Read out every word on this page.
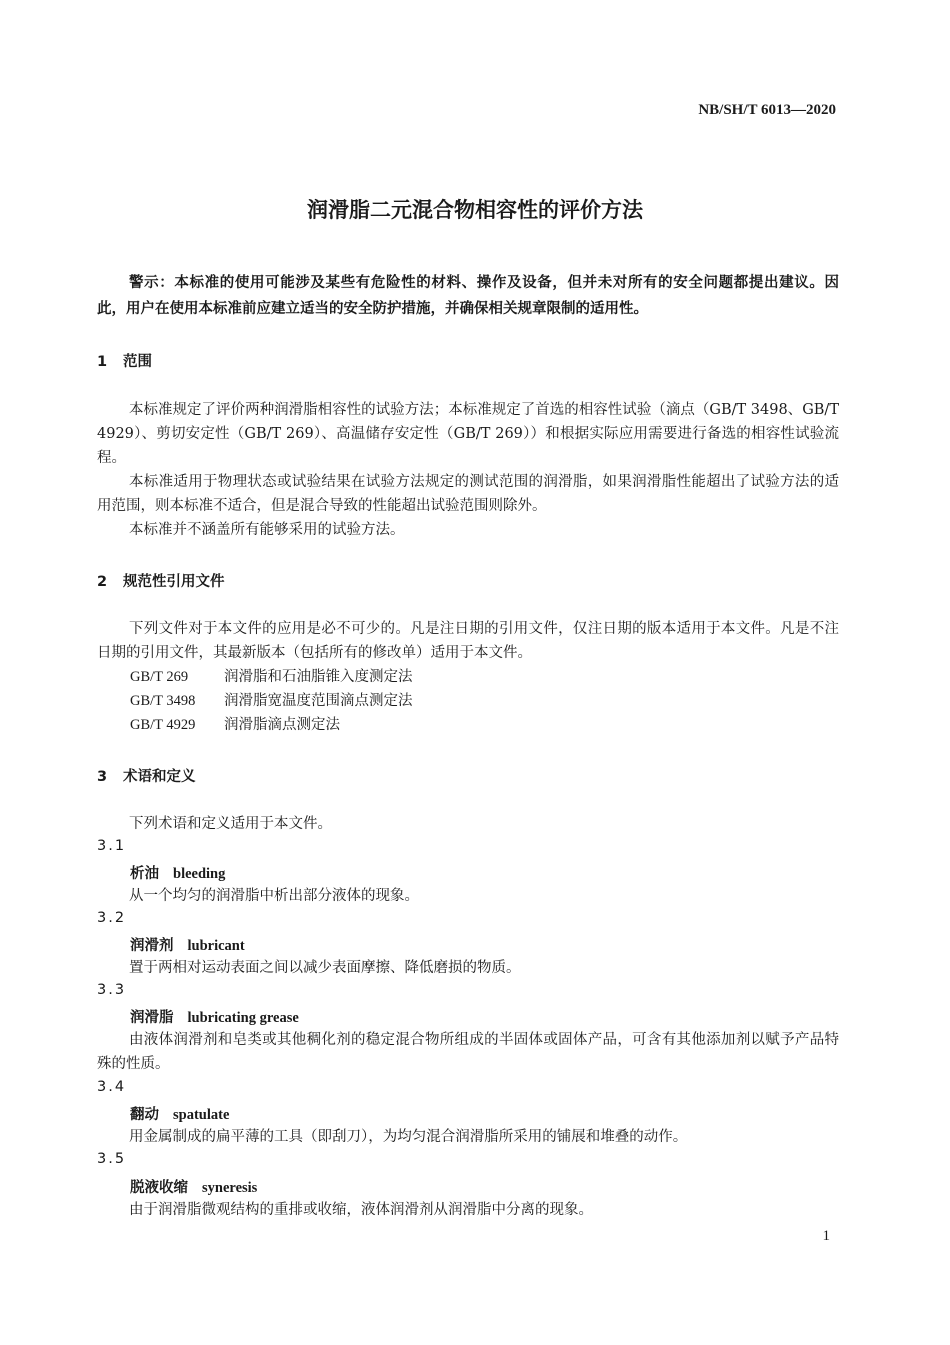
NB/SH/T 6013—2020
润滑脂二元混合物相容性的评价方法
警示：本标准的使用可能涉及某些有危险性的材料、操作及设备，但并未对所有的安全问题都提出建议。因此，用户在使用本标准前应建立适当的安全防护措施，并确保相关规章限制的适用性。
1 范围
本标准规定了评价两种润滑脂相容性的试验方法；本标准规定了首选的相容性试验（滴点（GB/T 3498、GB/T 4929）、剪切安定性（GB/T 269）、高温储存安定性（GB/T 269））和根据实际应用需要进行备选的相容性试验流程。
本标准适用于物理状态或试验结果在试验方法规定的测试范围的润滑脂，如果润滑脂性能超出了试验方法的适用范围，则本标准不适合，但是混合导致的性能超出试验范围则除外。
本标准并不涵盖所有能够采用的试验方法。
2 规范性引用文件
下列文件对于本文件的应用是必不可少的。凡是注日期的引用文件，仅注日期的版本适用于本文件。凡是不注日期的引用文件，其最新版本（包括所有的修改单）适用于本文件。
GB/T 269 润滑脂和石油脂锥入度测定法
GB/T 3498 润滑脂宽温度范围滴点测定法
GB/T 4929 润滑脂滴点测定法
3 术语和定义
下列术语和定义适用于本文件。
3.1
析油 bleeding
从一个均匀的润滑脂中析出部分液体的现象。
3.2
润滑剂 lubricant
置于两相对运动表面之间以减少表面摩擦、降低磨损的物质。
3.3
润滑脂 lubricating grease
由液体润滑剂和皂类或其他稠化剂的稳定混合物所组成的半固体或固体产品，可含有其他添加剂以赋予产品特殊的性质。
3.4
翻动 spatulate
用金属制成的扁平薄的工具（即刮刀），为均匀混合润滑脂所采用的铺展和堆叠的动作。
3.5
脱液收缩 syneresis
由于润滑脂微观结构的重排或收缩，液体润滑剂从润滑脂中分离的现象。
1
